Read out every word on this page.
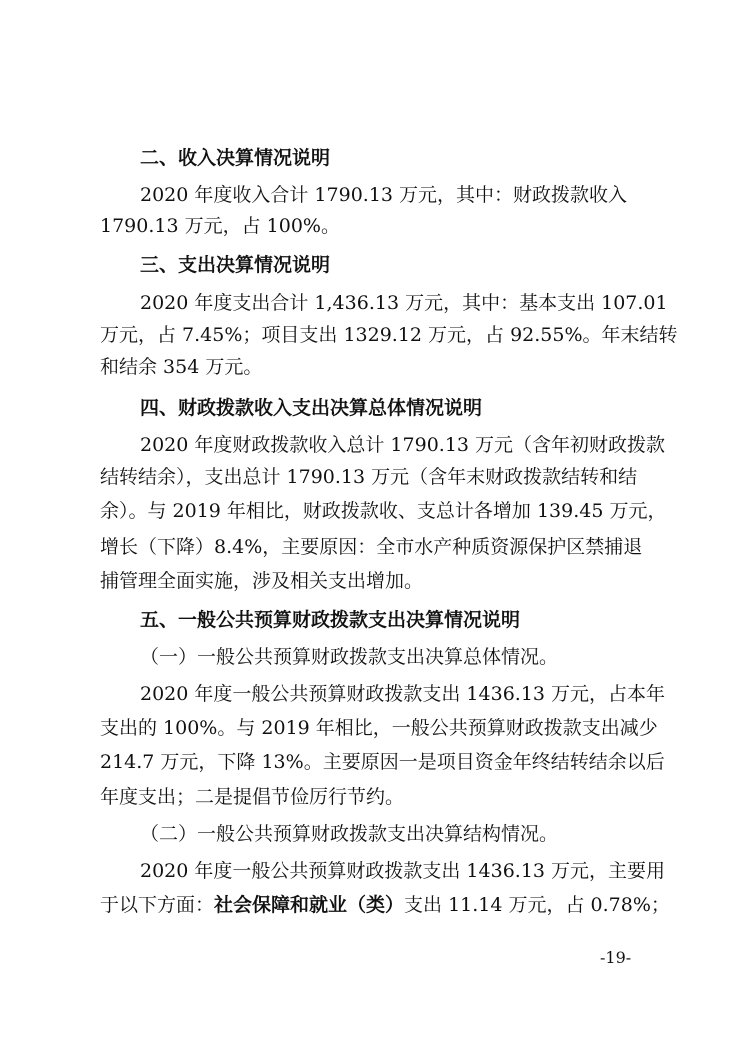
二、收入决算情况说明
2020 年度收入合计 1790.13 万元，其中：财政拨款收入
1790.13 万元，占 100%。
三、支出决算情况说明
2020 年度支出合计 1,436.13 万元，其中：基本支出 107.01
万元，占 7.45%；项目支出 1329.12 万元，占 92.55%。年末结转
和结余 354 万元。
四、财政拨款收入支出决算总体情况说明
2020 年度财政拨款收入总计 1790.13 万元（含年初财政拨款
结转结余），支出总计 1790.13 万元（含年末财政拨款结转和结
余）。与 2019 年相比，财政拨款收、支总计各增加 139.45 万元，
增长（下降）8.4%，主要原因：全市水产种质资源保护区禁捕退
捕管理全面实施，涉及相关支出增加。
五、一般公共预算财政拨款支出决算情况说明
（一）一般公共预算财政拨款支出决算总体情况。
2020 年度一般公共预算财政拨款支出 1436.13 万元，占本年
支出的 100%。与 2019 年相比，一般公共预算财政拨款支出减少
214.7 万元，下降 13%。主要原因一是项目资金年终结转结余以后
年度支出；二是提倡节俭厉行节约。
（二）一般公共预算财政拨款支出决算结构情况。
2020 年度一般公共预算财政拨款支出 1436.13 万元，主要用
于以下方面：社会保障和就业（类）支出 11.14 万元，占 0.78%；
-19-
